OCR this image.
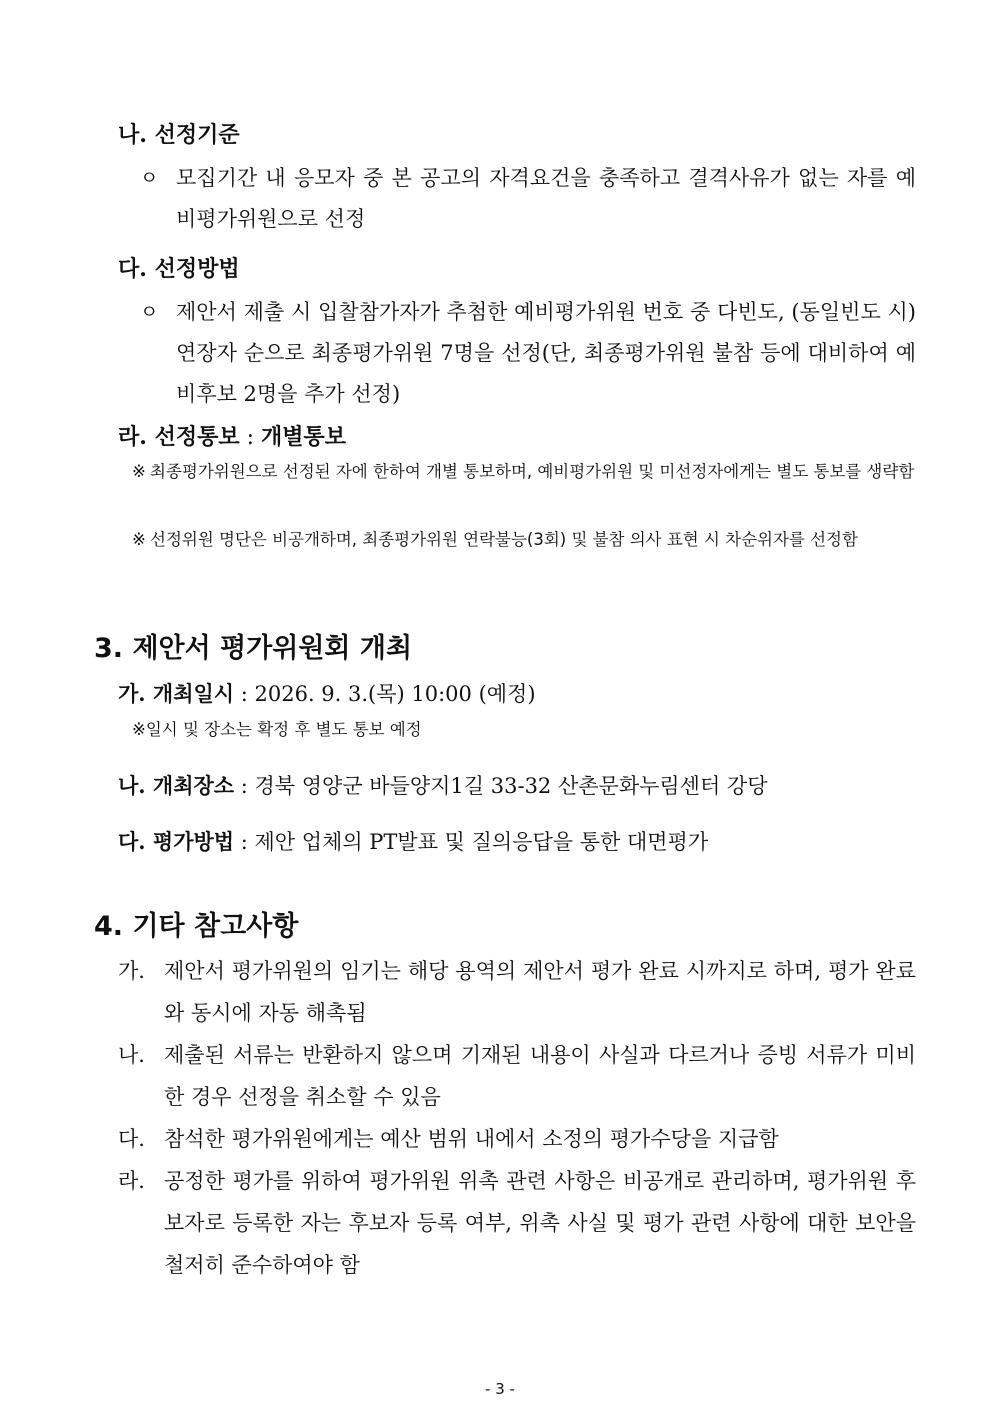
나. 선정기준
ㅇ 모집기간 내 응모자 중 본 공고의 자격요건을 충족하고 결격사유가 없는 자를 예비평가위원으로 선정
다. 선정방법
ㅇ 제안서 제출 시 입찰참가자가 추첨한 예비평가위원 번호 중 다빈도, (동일빈도 시)연장자 순으로 최종평가위원 7명을 선정(단, 최종평가위원 불참 등에 대비하여 예비후보 2명을 추가 선정)
라. 선정통보 : 개별통보
※ 최종평가위원으로 선정된 자에 한하여 개별 통보하며, 예비평가위원 및 미선정자에게는 별도 통보를 생략함
※ 선정위원 명단은 비공개하며, 최종평가위원 연락불능(3회) 및 불참 의사 표현 시 차순위자를 선정함
3. 제안서 평가위원회 개최
가. 개최일시 : 2026. 9. 3.(목) 10:00 (예정)
※일시 및 장소는 확정 후 별도 통보 예정
나. 개최장소 : 경북 영양군 바들양지1길 33-32 산촌문화누림센터 강당
다. 평가방법 : 제안 업체의 PT발표 및 질의응답을 통한 대면평가
4. 기타 참고사항
가. 제안서 평가위원의 임기는 해당 용역의 제안서 평가 완료 시까지로 하며, 평가 완료와 동시에 자동 해촉됨
나. 제출된 서류는 반환하지 않으며 기재된 내용이 사실과 다르거나 증빙 서류가 미비한 경우 선정을 취소할 수 있음
다. 참석한 평가위원에게는 예산 범위 내에서 소정의 평가수당을 지급함
라. 공정한 평가를 위하여 평가위원 위촉 관련 사항은 비공개로 관리하며, 평가위원 후보자로 등록한 자는 후보자 등록 여부, 위촉 사실 및 평가 관련 사항에 대한 보안을 철저히 준수하여야 함
- 3 -
